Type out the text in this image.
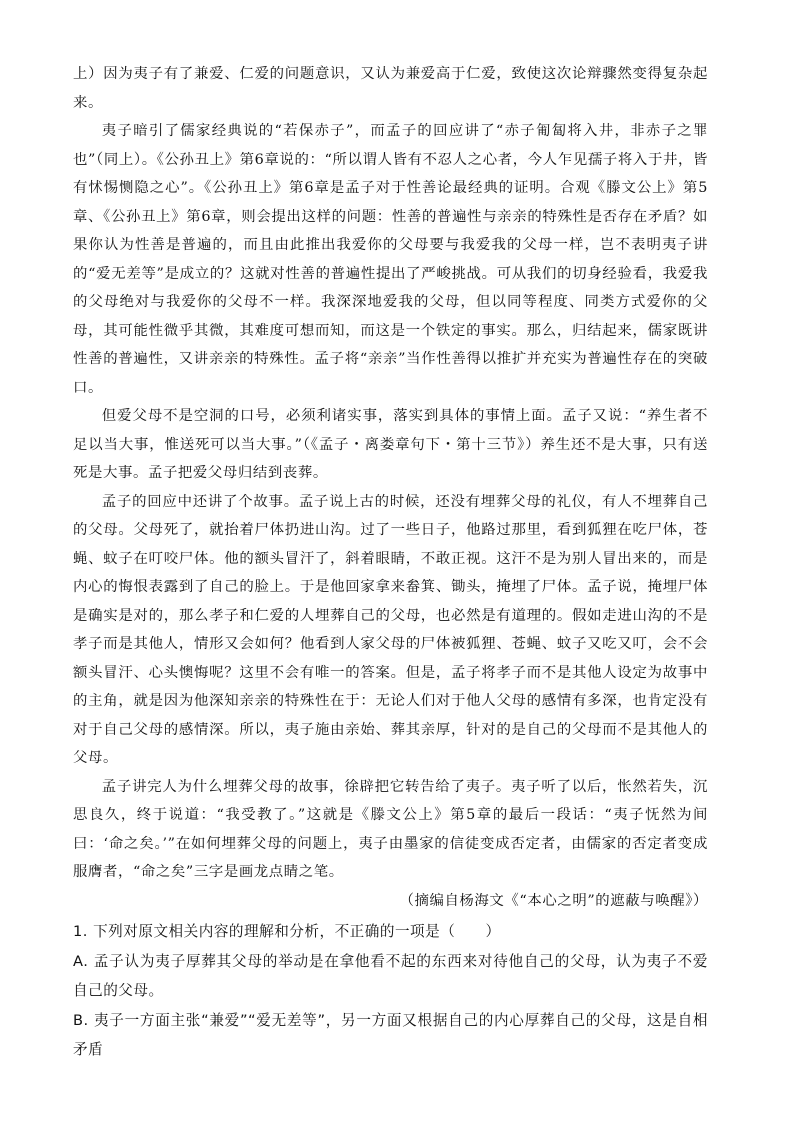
上）因为夷子有了兼爱、仁爱的问题意识，又认为兼爱高于仁爱，致使这次论辩骤然变得复杂起来。

夷子暗引了儒家经典说的“若保赤子”，而孟子的回应讲了“赤子匍匐将入井，非赤子之罪也”（同上）。《公孙丑上》第6章说的：“所以谓人皆有不忍人之心者，今人乍见孺子将入于井，皆有怵惕恻隐之心”。《公孙丑上》第6章是孟子对于性善论最经典的证明。合观《滕文公上》第5章、《公孙丑上》第6章，则会提出这样的问题：性善的普遍性与亲亲的特殊性是否存在矛盾？如果你认为性善是普遍的，而且由此推出我爱你的父母要与我爱我的父母一样，岂不表明夷子讲的“爱无差等”是成立的？这就对性善的普遍性提出了严峻挑战。可从我们的切身经验看，我爱我的父母绝对与我爱你的父母不一样。我深深地爱我的父母，但以同等程度、同类方式爱你的父母，其可能性微乎其微，其难度可想而知，而这是一个铁定的事实。那么，归结起来，儒家既讲性善的普遍性，又讲亲亲的特殊性。孟子将“亲亲”当作性善得以推扩并充实为普遍性存在的突破口。

但爱父母不是空洞的口号，必须利诸实事，落实到具体的事情上面。孟子又说：“养生者不足以当大事，惟送死可以当大事。”（《孟子・离娄章句下・第十三节》）养生还不是大事，只有送死是大事。孟子把爱父母归结到丧葬。

孟子的回应中还讲了个故事。孟子说上古的时候，还没有埋葬父母的礼仪，有人不埋葬自己的父母。父母死了，就抬着尸体扔进山沟。过了一些日子，他路过那里，看到狐狸在吃尸体，苍蝇、蚊子在叮咬尸体。他的额头冒汗了，斜着眼睛，不敢正视。这汗不是为别人冒出来的，而是内心的悔恨表露到了自己的脸上。于是他回家拿来畚箕、锄头，掩埋了尸体。孟子说，掩埋尸体是确实是对的，那么孝子和仁爱的人埋葬自己的父母，也必然是有道理的。假如走进山沟的不是孝子而是其他人，情形又会如何？他看到人家父母的尸体被狐狸、苍蝇、蚊子又吃又叮，会不会额头冒汗、心头懊悔呢？这里不会有唯一的答案。但是，孟子将孝子而不是其他人设定为故事中的主角，就是因为他深知亲亲的特殊性在于：无论人们对于他人父母的感情有多深，也肯定没有对于自己父母的感情深。所以，夷子施由亲始、葬其亲厚，针对的是自己的父母而不是其他人的父母。

孟子讲完人为什么埋葬父母的故事，徐辟把它转告给了夷子。夷子听了以后，怅然若失，沉思良久，终于说道：“我受教了。”这就是《滕文公上》第5章的最后一段话：“夷子怃然为间曰：‘命之矣。’”在如何埋葬父母的问题上，夷子由墨家的信徒变成否定者，由儒家的否定者变成服膺者，“命之矣”三字是画龙点睛之笔。

（摘编自杨海文《“本心之明”的遮蔽与唤醒》）

1. 下列对原文相关内容的理解和分析，不正确的一项是（　　）

A. 孟子认为夷子厚葬其父母的举动是在拿他看不起的东西来对待他自己的父母，认为夷子不爱自己的父母。

B. 夷子一方面主张“兼爱”“爱无差等”，另一方面又根据自己的内心厚葬自己的父母，这是自相矛盾
